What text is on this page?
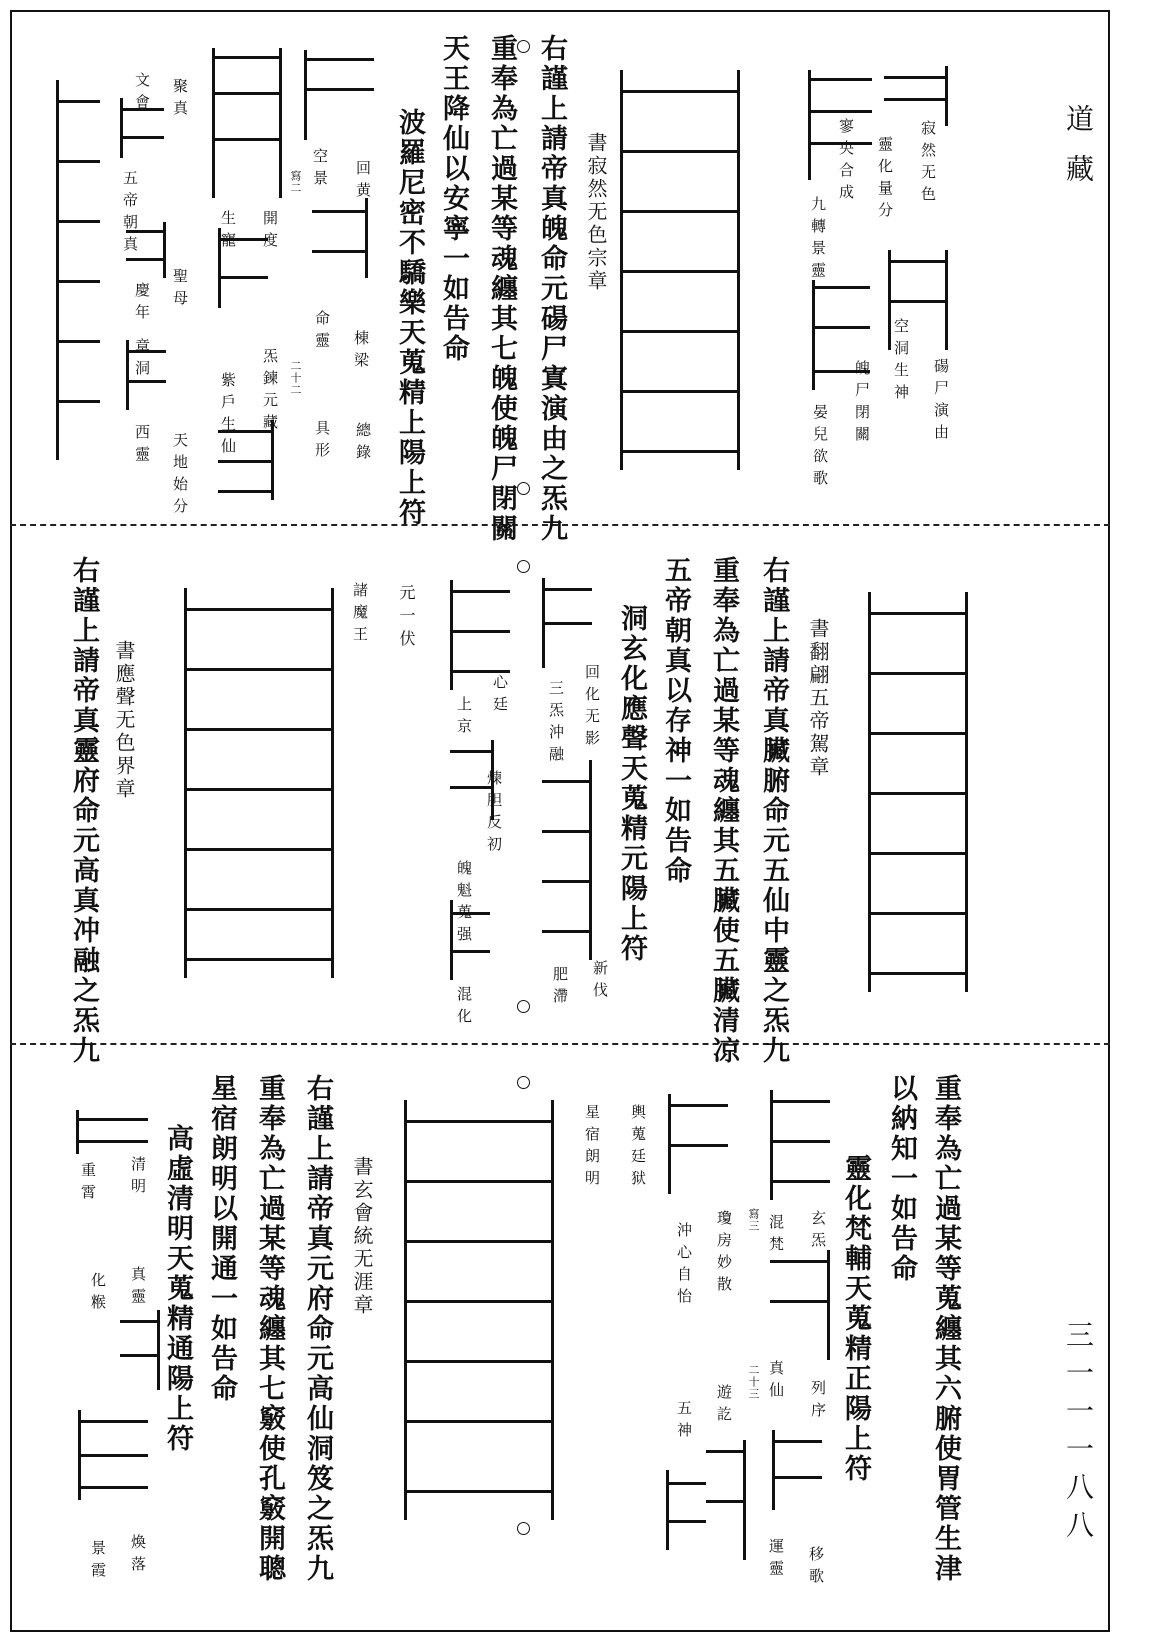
道藏
三一一一八八
寂然无色
靈化量分
寥央合成
九轉景靈
碭尸演由
空洞生神
魄尸閉關
晏兒欲歌
書寂然无色宗章
右謹上請帝真魄命元碭尸寘演由之炁九
重奉為亡過某等魂纏其七魄使魄尸閉關
天王降仙以安寧一如告命
波羅尼密不驕樂天蒐精上陽上符
總錄
回黄
具形
命靈 棟梁
空景
二十二
寫二
炁鍊元藏
開度
紫戶生仙
生寵
聖母
聚真
天地始分
章洞
文會
慶年
西靈
五帝朝真
書翻翩五帝駕章
右謹上請帝真臟腑命元五仙中靈之炁九
重奉為亡過某等魂纏其五臟使五臟清凉
五帝朝真以存神一如告命
洞玄化應聲天蒐精元陽上符
新伐
肥滯
回化无影
三炁沖融
煉胆反初
魄魁蒐强
混化
心廷
上京
元一伏
諸魔王
書應聲无色界章
右謹上請帝真靈府命元高真冲融之炁九
重奉為亡過某等蒐纏其六腑使胃管生津
以納知一如告命
靈化梵輔天蒐精正陽上符
移歌
運靈
列序
真仙
玄炁
混梵
二十三
寫三
遊訖
五神
瓊房妙散
沖心自怡
輿蒐廷狱
星宿朗明
書玄會統无涯章
右謹上請帝真元府命元高仙洞笈之炁九
重奉為亡過某等魂纏其七竅使孔竅開聰
星宿朗明以開通一如告命
高虛清明天蒐精通陽上符
煥落
景霞
真靈
化糇
清明
重霄
